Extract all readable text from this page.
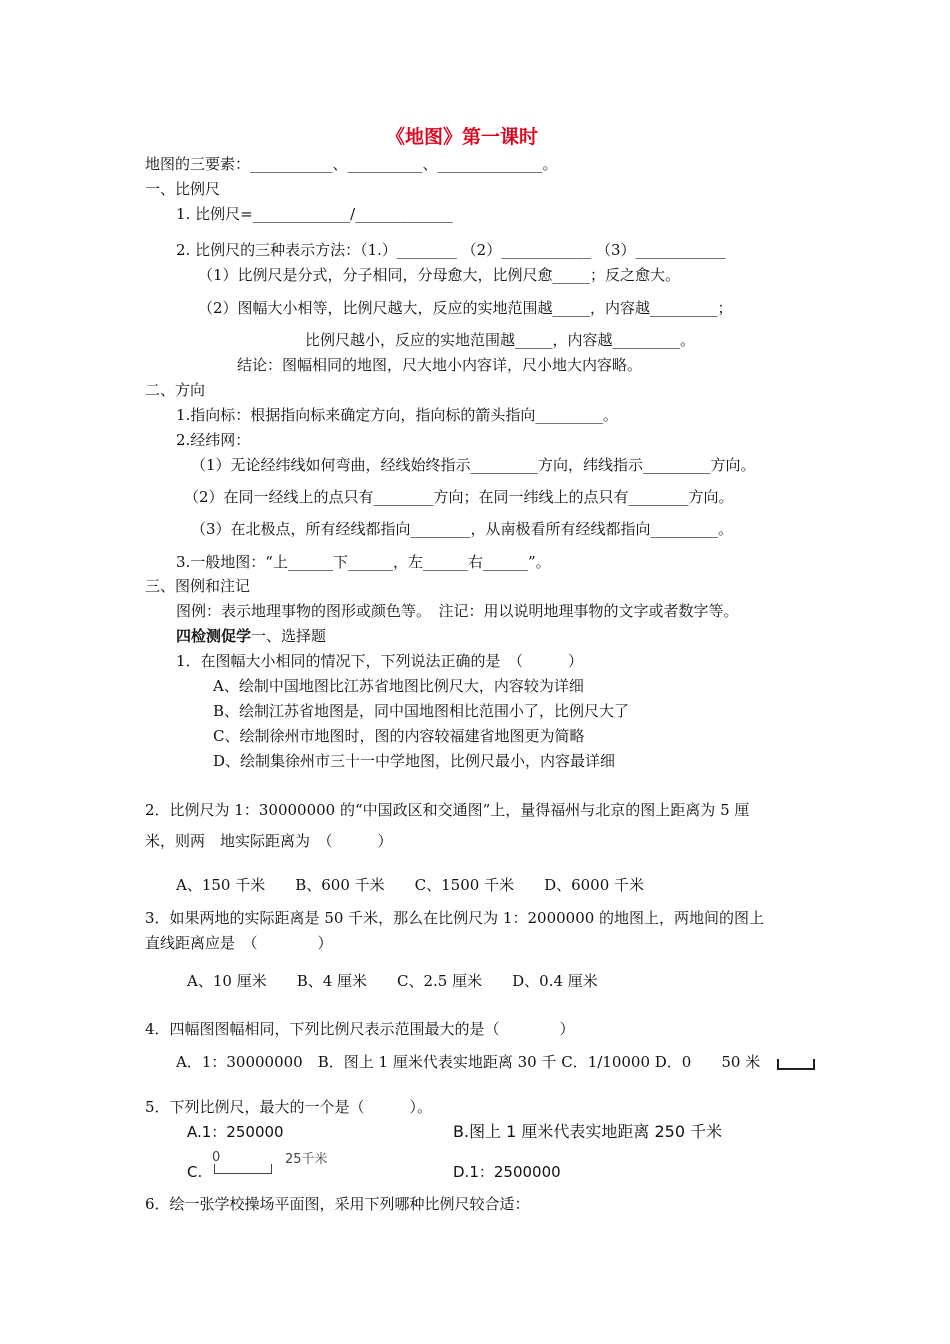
《地图》第一课时
地图的三要素：___________、__________、______________。
一、比例尺
1. 比例尺=_____________/_____________
2. 比例尺的三种表示方法：（1.）________ （2）____________ （3）____________
（1）比例尺是分式，分子相同，分母愈大，比例尺愈_____；反之愈大。
（2）图幅大小相等，比例尺越大，反应的实地范围越_____，内容越_________；
比例尺越小，反应的实地范围越_____，内容越_________。
结论：图幅相同的地图，尺大地小内容详，尺小地大内容略。
二、方向
1.指向标：根据指向标来确定方向，指向标的箭头指向_________。
2.经纬网：
（1）无论经纬线如何弯曲，经线始终指示_________方向，纬线指示_________方向。
（2）在同一经线上的点只有________方向；在同一纬线上的点只有________方向。
（3）在北极点，所有经线都指向________，从南极看所有经线都指向_________。
3.一般地图：“上______下______，左______右______”。
三、图例和注记
图例：表示地理事物的图形或颜色等。　注记：用以说明地理事物的文字或者数字等。
四检测促学一、选择题
1．在图幅大小相同的情况下，下列说法正确的是　（　　　）
A、绘制中国地图比江苏省地图比例尺大，内容较为详细
B、绘制江苏省地图是，同中国地图相比范围小了，比例尺大了
C、绘制徐州市地图时，图的内容较福建省地图更为简略
D、绘制集徐州市三十一中学地图，比例尺最小，内容最详细
2．比例尺为 1：30000000 的“中国政区和交通图”上，量得福州与北京的图上距离为 5 厘
米，则两　地实际距离为　（　　　）
A、150 千米　　B、600 千米　　C、1500 千米　　D、6000 千米
3．如果两地的实际距离是 50 千米，那么在比例尺为 1：2000000 的地图上，两地间的图上
直线距离应是　（　　　　）
A、10 厘米　　B、4 厘米　　C、2.5 厘米　　D、0.4 厘米
4．四幅图图幅相同，下列比例尺表示范围最大的是（　　　　）
A．1：30000000　B．图上 1 厘米代表实地距离 30 千 C．1/10000 D．0　　50 米
5．下列比例尺，最大的一个是（　　　）。
A.1：250000	B.图上 1 厘米代表实地距离 250 千米
C.
0	25千米
D.1：2500000
6．绘一张学校操场平面图，采用下列哪种比例尺较合适：
